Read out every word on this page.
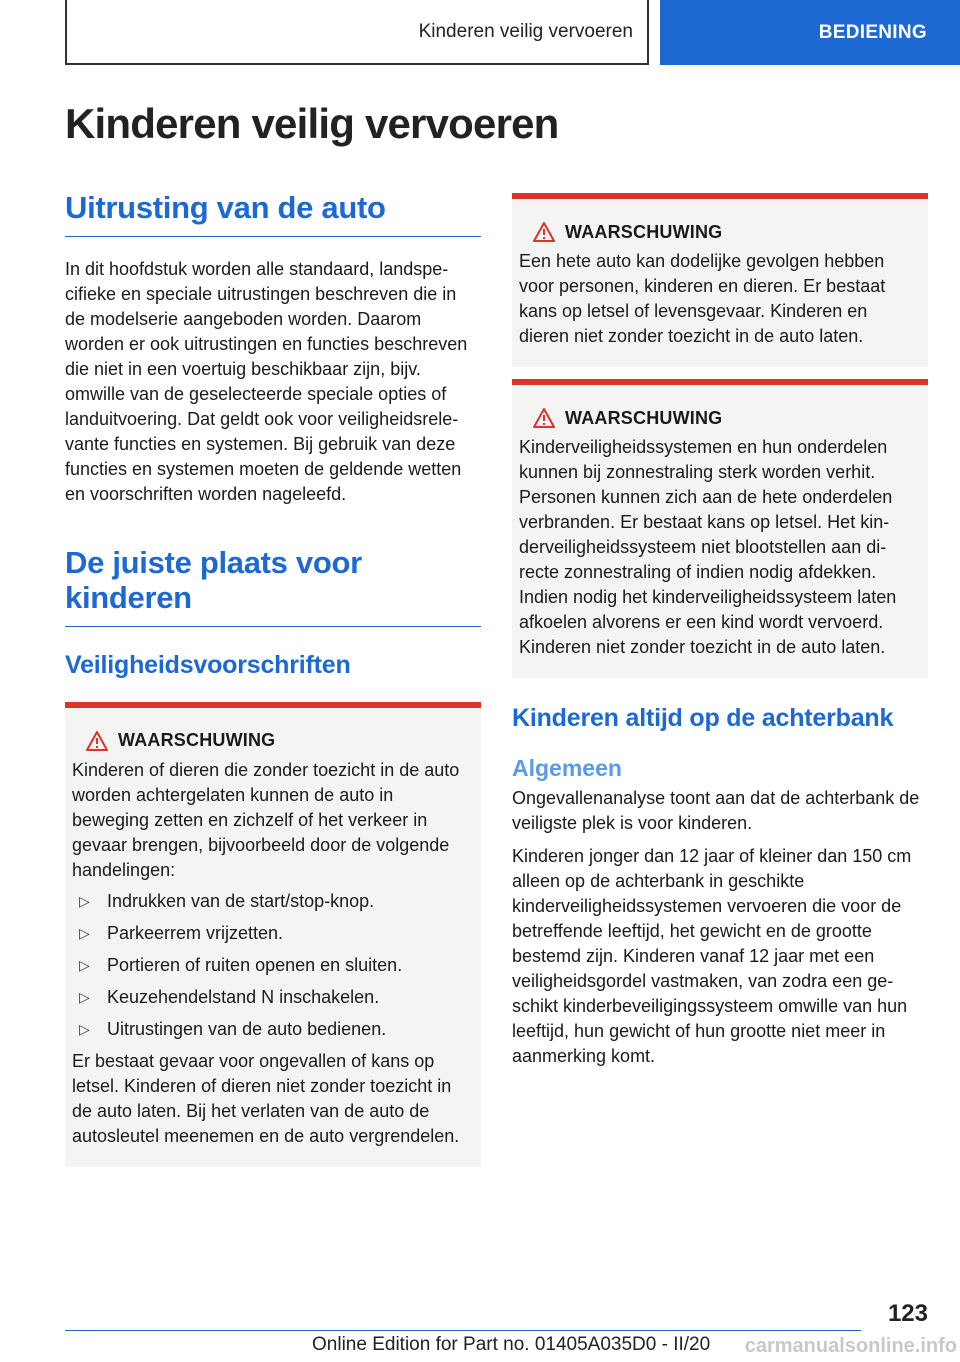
Kinderen veilig vervoeren	BEDIENING
Kinderen veilig vervoeren
Uitrusting van de auto

In dit hoofdstuk worden alle standaard, landspecifieke en speciale uitrustingen beschreven die in de modelserie aangeboden worden. Daarom worden er ook uitrustingen en functies beschreven die niet in een voertuig beschikbaar zijn, bijv. omwille van de geselecteerde speciale opties of landuitvoering. Dat geldt ook voor veiligheidsrelevante functies en systemen. Bij gebruik van deze functies en systemen moeten de geldende wetten en voorschriften worden nageleefd.

De juiste plaats voor kinderen
Veiligheidsvoorschriften
WAARSCHUWING

Kinderen of dieren die zonder toezicht in de auto worden achtergelaten kunnen de auto in beweging zetten en zichzelf of het verkeer in gevaar brengen, bijvoorbeeld door de volgende handelingen:

▷ Indrukken van de start/stop-knop.
▷ Parkeerrem vrijzetten.
▷ Portieren of ruiten openen en sluiten.
▷ Keuzehendelstand N inschakelen.
▷ Uitrustingen van de auto bedienen.

Er bestaat gevaar voor ongevallen of kans op letsel. Kinderen of dieren niet zonder toezicht in de auto laten. Bij het verlaten van de auto de autosleutel meenemen en de auto vergrendelen.

WAARSCHUWING

Een hete auto kan dodelijke gevolgen hebben voor personen, kinderen en dieren. Er bestaat kans op letsel of levensgevaar. Kinderen en dieren niet zonder toezicht in de auto laten.

WAARSCHUWING

Kinderveiligheidssystemen en hun onderdelen kunnen bij zonnestraling sterk worden verhit. Personen kunnen zich aan de hete onderdelen verbranden. Er bestaat kans op letsel. Het kinderveiligheidssysteem niet blootstellen aan directe zonnestraling of indien nodig afdekken. Indien nodig het kinderveiligheidssysteem laten afkoelen alvorens er een kind wordt vervoerd. Kinderen niet zonder toezicht in de auto laten.

Kinderen altijd op de achterbank
Algemeen

Ongevallenanalyse toont aan dat de achterbank de veiligste plek is voor kinderen.

Kinderen jonger dan 12 jaar of kleiner dan 150 cm alleen op de achterbank in geschikte kinderveiligheidssystemen vervoeren die voor de betreffende leeftijd, het gewicht en de grootte bestemd zijn. Kinderen vanaf 12 jaar met een veiligheidsgordel vastmaken, van zodra een geschikt kinderbeveiligingssysteem omwille van hun leeftijd, hun gewicht of hun grootte niet meer in aanmerking komt.

123
Online Edition for Part no. 01405A035D0 - II/20 carmanualsonline.info
